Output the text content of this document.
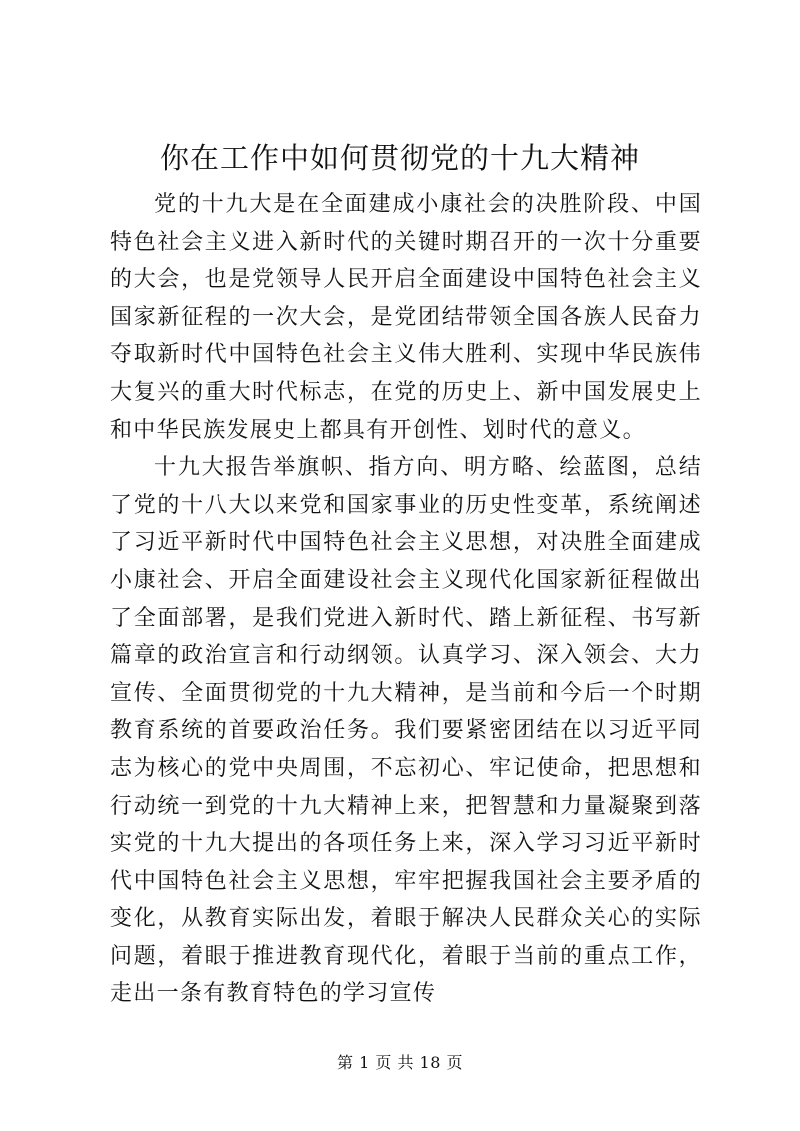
你在工作中如何贯彻党的十九大精神

党的十九大是在全面建成小康社会的决胜阶段、中国特色社会主义进入新时代的关键时期召开的一次十分重要的大会，也是党领导人民开启全面建设中国特色社会主义国家新征程的一次大会，是党团结带领全国各族人民奋力夺取新时代中国特色社会主义伟大胜利、实现中华民族伟大复兴的重大时代标志，在党的历史上、新中国发展史上和中华民族发展史上都具有开创性、划时代的意义。

十九大报告举旗帜、指方向、明方略、绘蓝图，总结了党的十八大以来党和国家事业的历史性变革，系统阐述了习近平新时代中国特色社会主义思想，对决胜全面建成小康社会、开启全面建设社会主义现代化国家新征程做出了全面部署，是我们党进入新时代、踏上新征程、书写新篇章的政治宣言和行动纲领。认真学习、深入领会、大力宣传、全面贯彻党的十九大精神，是当前和今后一个时期教育系统的首要政治任务。我们要紧密团结在以习近平同志为核心的党中央周围，不忘初心、牢记使命，把思想和行动统一到党的十九大精神上来，把智慧和力量凝聚到落实党的十九大提出的各项任务上来，深入学习习近平新时代中国特色社会主义思想，牢牢把握我国社会主要矛盾的变化，从教育实际出发，着眼于解决人民群众关心的实际问题，着眼于推进教育现代化，着眼于当前的重点工作，走出一条有教育特色的学习宣传

第 1 页 共 18 页
